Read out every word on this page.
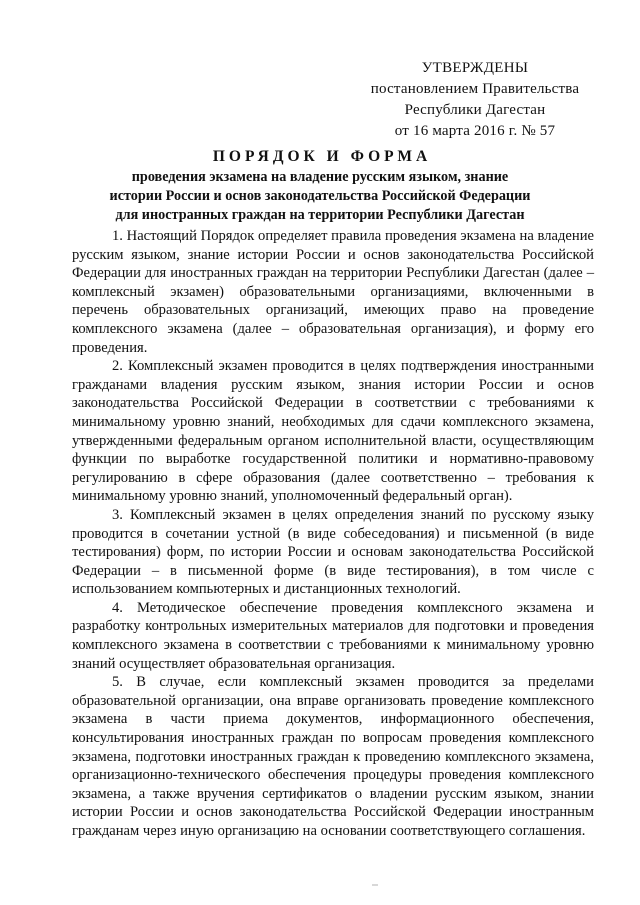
УТВЕРЖДЕНЫ
постановлением Правительства
Республики Дагестан
от 16 марта 2016 г. № 57
ПОРЯДОК И ФОРМА
проведения экзамена на владение русским языком, знание
истории России и основ законодательства Российской Федерации
для иностранных граждан на территории Республики Дагестан

1. Настоящий Порядок определяет правила проведения экзамена на владение русским языком, знание истории России и основ законодательства Российской Федерации для иностранных граждан на территории Республики Дагестан (далее – комплексный экзамен) образовательными организациями, включенными в перечень образовательных организаций, имеющих право на проведение комплексного экзамена (далее – образовательная организация), и форму его проведения.

2. Комплексный экзамен проводится в целях подтверждения иностранными гражданами владения русским языком, знания истории России и основ законодательства Российской Федерации в соответствии с требованиями к минимальному уровню знаний, необходимых для сдачи комплексного экзамена, утвержденными федеральным органом исполнительной власти, осуществляющим функции по выработке государственной политики и нормативно-правовому регулированию в сфере образования (далее соответственно – требования к минимальному уровню знаний, уполномоченный федеральный орган).

3. Комплексный экзамен в целях определения знаний по русскому языку проводится в сочетании устной (в виде собеседования) и письменной (в виде тестирования) форм, по истории России и основам законодательства Российской Федерации – в письменной форме (в виде тестирования), в том числе с использованием компьютерных и дистанционных технологий.

4. Методическое обеспечение проведения комплексного экзамена и разработку контрольных измерительных материалов для подготовки и проведения комплексного экзамена в соответствии с требованиями к минимальному уровню знаний осуществляет образовательная организация.

5. В случае, если комплексный экзамен проводится за пределами образовательной организации, она вправе организовать проведение комплексного экзамена в части приема документов, информационного обеспечения, консультирования иностранных граждан по вопросам проведения комплексного экзамена, подготовки иностранных граждан к проведению комплексного экзамена, организационно-технического обеспечения процедуры проведения комплексного экзамена, а также вручения сертификатов о владении русским языком, знании истории России и основ законодательства Российской Федерации иностранным гражданам через иную организацию на основании соответствующего соглашения.
